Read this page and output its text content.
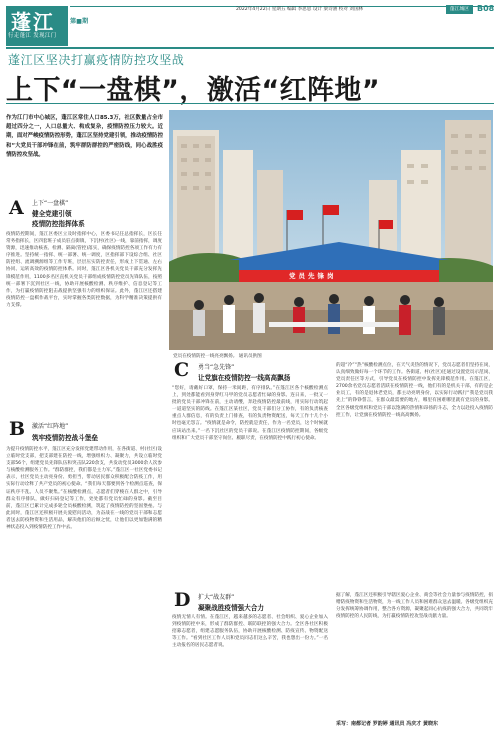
蓬江
行走蓬江 发现江门
第■期
2022年4月22日 星期五 编辑 李思思 设计 梁诗涵 校对 刘国林	蓬江城区 B08
蓬江区坚决打赢疫情防控攻坚战
上下“一盘棋”，激活“红阵地”
作为江门市中心城区，蓬江区常住人口85.3万，社区数量占全市超过四分之一，人口总量大、构成复杂，疫情防控压力较大。近期，面对严峻疫情防控形势，蓬江区坚持党建引领，推动疫情防控和“大党员干部冲锋在前，筑牢群防群控的严密防线，同心战胜疫情防控攻坚战。
党员先锋岗
党员在疫情防控一线亮亮飘扬。 通讯员供图
A 上下“一盘棋”
健全党建引领
疫情防控指挥体系
疫情防控期间，蓬江区委区立及时指挥中心，区委书记任总指挥长，区长任常务指挥长，区四套班子成员驻点街镇，下沉村(社区)一线，靠前指挥，调度资源，迅速推动核查、检测、隔离(管控)落实，确保疫情防控各项工作有力有序推进。坚持统一指挥、统一部署、统一调度，区指挥部下设综合组、社区防控组、流调溯源组等工作专班，层层压实防控责任，形成上下贯通、左右协同、运转高效的疫情防控体系。同时，蓬江区各机关党员干部充分发挥先锋模范作用，1100多名区直机关党员干部组成疫情防控党员先锋队伍，按照统一部署下沉到社区一线，协助开展核酸检测、秩序维护、信息登记等工作，为打赢疫情防控阻击战提供坚强有力的组织保证。此外，蓬江区还搭建疫情防控一盘棋作战平台，实时掌握各类防控数据，为科学精准决策提供有力支撑。
B 激活“红阵地”
筑牢疫情防控战斗堡垒
为提升疫情防控水平，蓬江区充分发挥党建带动作用，在各街道、村(社区)设立临时党支部，把支部建在防控一线，增强组织力、凝聚力，共设立临时党支部56个，组建党员先锋队伍和突击队220余支，共发动党员3000余人次参与核酸检测服务工作。“群防群控，我们都是主力军。”蓬江区一社区党委书记表示，社区党员主动亮身份、勇担当，带动居民群众积极配合防疫工作，用实际行动诠释了共产党员的初心使命。“我们每天都要到各个检测点巡查，保证秩序不乱、人员不聚集。”在核酸检测点，志愿者们穿梭在人群之中，引导群众有序排队，做好扫码登记等工作，处处都有党员忙碌的身影。截至目前，蓬江区已累计完成多轮全员核酸检测，筑起了疫情防控的坚固堡垒。与此同时，蓬江区还积极开展关爱慰问活动，为奋战在一线的党员干部和志愿者送去防疫物资和生活用品，解决他们的后顾之忧，让他们以更加饱满的精神状态投入到疫情防控工作中去。
C 勇当“急先锋”
让党旗在疫情防控一线高高飘扬
“您好，请戴好口罩，保持一米间距，有序排队。”在蓬江区各个核酸检测点上，到处都能看到身穿红马甲的党员志愿者忙碌的身影。连日来，一批又一批的党员干部冲锋在前，主动请缨，奔赴疫情防控最前线，用实际行动筑起一道道坚实的防线。在蓬江区某社区，党员干部们分工协作，有的负责核查重点人群信息，有的负责上门排查，有的负责物资配送，每天工作十几个小时也毫无怨言。“疫情就是命令，防控就是责任，作为一名党员，这个时候就应该站出来。”一名下沉社区的党员干部说。在蓬江区疫情防控期间，各级党组织和广大党员干部坚守岗位、履职尽责，在疫情防控中践行初心使命。
的超“冷”“热”核酸检测点位，在天气炎热的情况下，党员志愿者们坚持在岗，认真细致做好每一个环节的工作。各街道、村(社区)还通过设置党员示范岗、党员责任区等方式，引导党员在疫情防控中发挥先锋模范作用。在蓬江区，2700余名党员志愿者活跃在疫情防控一线，他们有的是机关干部，有的是企业员工，有的是退休老党员，都主动亮明身份，以实际行动践行“我是党员我先上”的铮铮誓言，在群众最需要的地方，哪里有困难哪里就有党员的身影。全区各级党组织和党员干部以饱满的热情和昂扬的斗志，全力以赴投入疫情防控工作，让党旗在疫情防控一线高高飘扬。
D 扩大“战友群”
凝聚战胜疫情强大合力
疫情无情人有情。在蓬江区，越来越多的志愿者、社会组织、爱心企业加入到疫情防控中来，形成了群防群控、联防联控的强大合力。全区各社区积极招募志愿者，组建志愿服务队伍，协助开展核酸检测、防疫宣传、物资配送等工作。“看到社区工作人员和党员同志们这么辛苦，我也想出一份力。”一名主动报名的居民志愿者说。
据了解，蓬江区还积极引导辖区爱心企业、商会等社会力量参与疫情防控，捐赠防疫物资和生活物资，为一线工作人员和困难群众送去温暖。各级党组织充分发挥统筹协调作用，整合各方资源，凝聚起同心抗疫的强大合力，共同筑牢疫情防控的人民防线，为打赢疫情防控攻坚战贡献力量。
采写：南都记者 罗韵婷 通讯员 冯庆才 黄晓东
